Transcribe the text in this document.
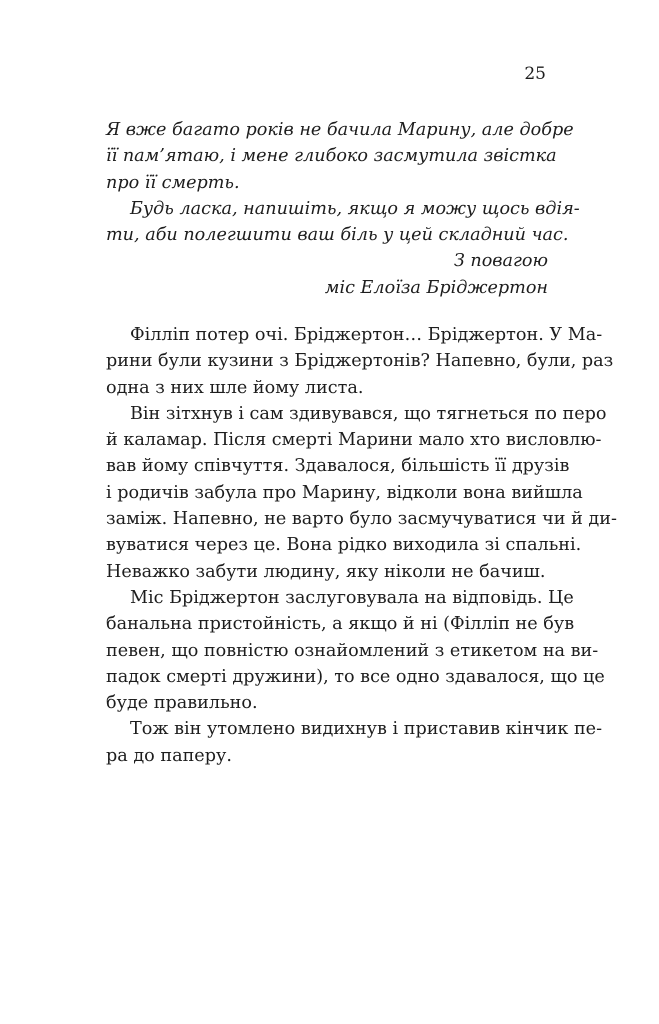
25

Я вже багато років не бачила Марину, але добре
її пам’ятаю, і мене глибоко засмутила звістка
про її смерть.

Будь ласка, напишіть, якщо я можу щось вдія-
ти, аби полегшити ваш біль у цей складний час.

З повагою

міс Елоїза Бріджертон

Філліп потер очі. Бріджертон… Бріджертон. У Ма-
рини були кузини з Бріджертонів? Напевно, були, раз
одна з них шле йому листа.

Він зітхнув і сам здивувався, що тягнеться по перо
й каламар. Після смерті Марини мало хто висловлю-
вав йому співчуття. Здавалося, більшість її друзів
і родичів забула про Марину, відколи вона вийшла
заміж. Напевно, не варто було засмучуватися чи й ди-
вуватися через це. Вона рідко виходила зі спальні.
Неважко забути людину, яку ніколи не бачиш.

Міс Бріджертон заслуговувала на відповідь. Це
банальна пристойність, а якщо й ні (Філліп не був
певен, що повністю ознайомлений з етикетом на ви-
падок смерті дружини), то все одно здавалося, що це
буде правильно.

Тож він утомлено видихнув і приставив кінчик пе-
ра до паперу.
